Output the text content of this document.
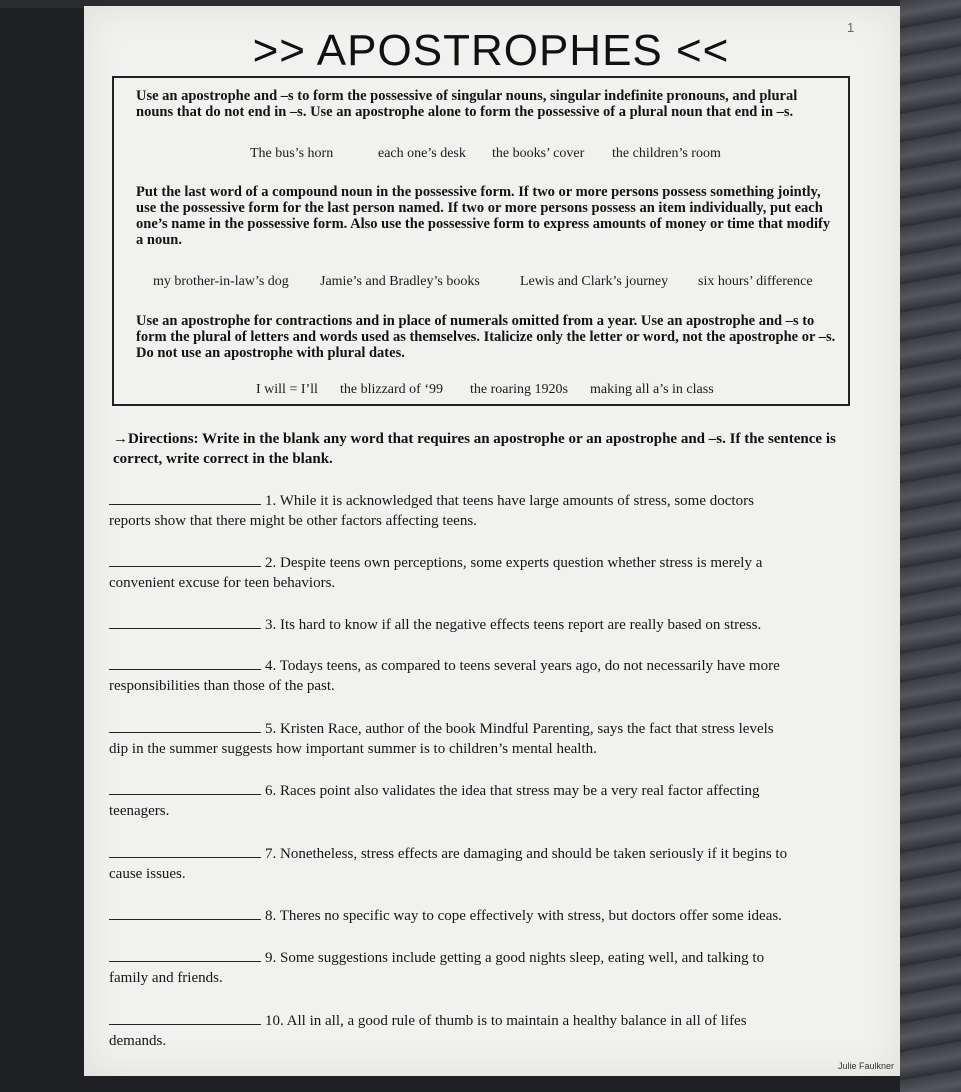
1
>> APOSTROPHES <<
Use an apostrophe and –s to form the possessive of singular nouns, singular indefinite pronouns, and plural nouns that do not end in –s. Use an apostrophe alone to form the possessive of a plural noun that end in –s.
The bus’s horn	each one’s desk the books’ cover the children’s room
Put the last word of a compound noun in the possessive form. If two or more persons possess something jointly, use the possessive form for the last person named. If two or more persons possess an item individually, put each one’s name in the possessive form. Also use the possessive form to express amounts of money or time that modify a noun.
my brother-in-law’s dog Jamie’s and Bradley’s books	Lewis and Clark’s journey six hours’ difference
Use an apostrophe for contractions and in place of numerals omitted from a year. Use an apostrophe and –s to form the plural of letters and words used as themselves. Italicize only the letter or word, not the apostrophe or –s. Do not use an apostrophe with plural dates.
I will = I’ll the blizzard of ‘99 the roaring 1920s making all a’s in class
→Directions: Write in the blank any word that requires an apostrophe or an apostrophe and –s. If the sentence is correct, write correct in the blank.
1. While it is acknowledged that teens have large amounts of stress, some doctors
reports show that there might be other factors affecting teens.
2. Despite teens own perceptions, some experts question whether stress is merely a
convenient excuse for teen behaviors.
3. Its hard to know if all the negative effects teens report are really based on stress.
4. Todays teens, as compared to teens several years ago, do not necessarily have more
responsibilities than those of the past.
5. Kristen Race, author of the book Mindful Parenting, says the fact that stress levels
dip in the summer suggests how important summer is to children’s mental health.
6. Races point also validates the idea that stress may be a very real factor affecting
teenagers.
7. Nonetheless, stress effects are damaging and should be taken seriously if it begins to
cause issues.
8. Theres no specific way to cope effectively with stress, but doctors offer some ideas.
9. Some suggestions include getting a good nights sleep, eating well, and talking to
family and friends.
10. All in all, a good rule of thumb is to maintain a healthy balance in all of lifes
demands.
Julie Faulkner
